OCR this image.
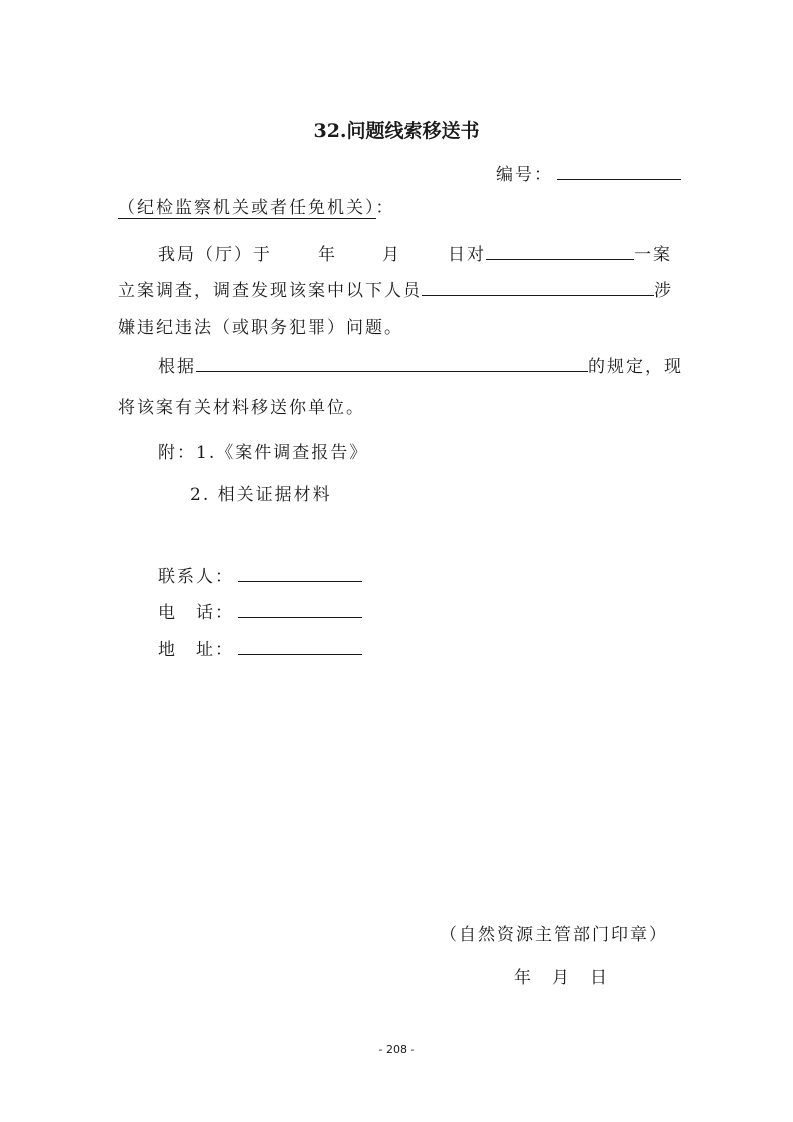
32.问题线索移送书
编号：
（纪检监察机关或者任免机关）：
我局（厅）于	年	月	日对	一案
立案调查，调查发现该案中以下人员	涉
嫌违纪违法（或职务犯罪）问题。
根据	的规定，现
将该案有关材料移送你单位。
附：1.《案件调查报告》
2. 相关证据材料
联系人：
电　话：
地　址：
（自然资源主管部门印章）
年 月 日
- 208 -
